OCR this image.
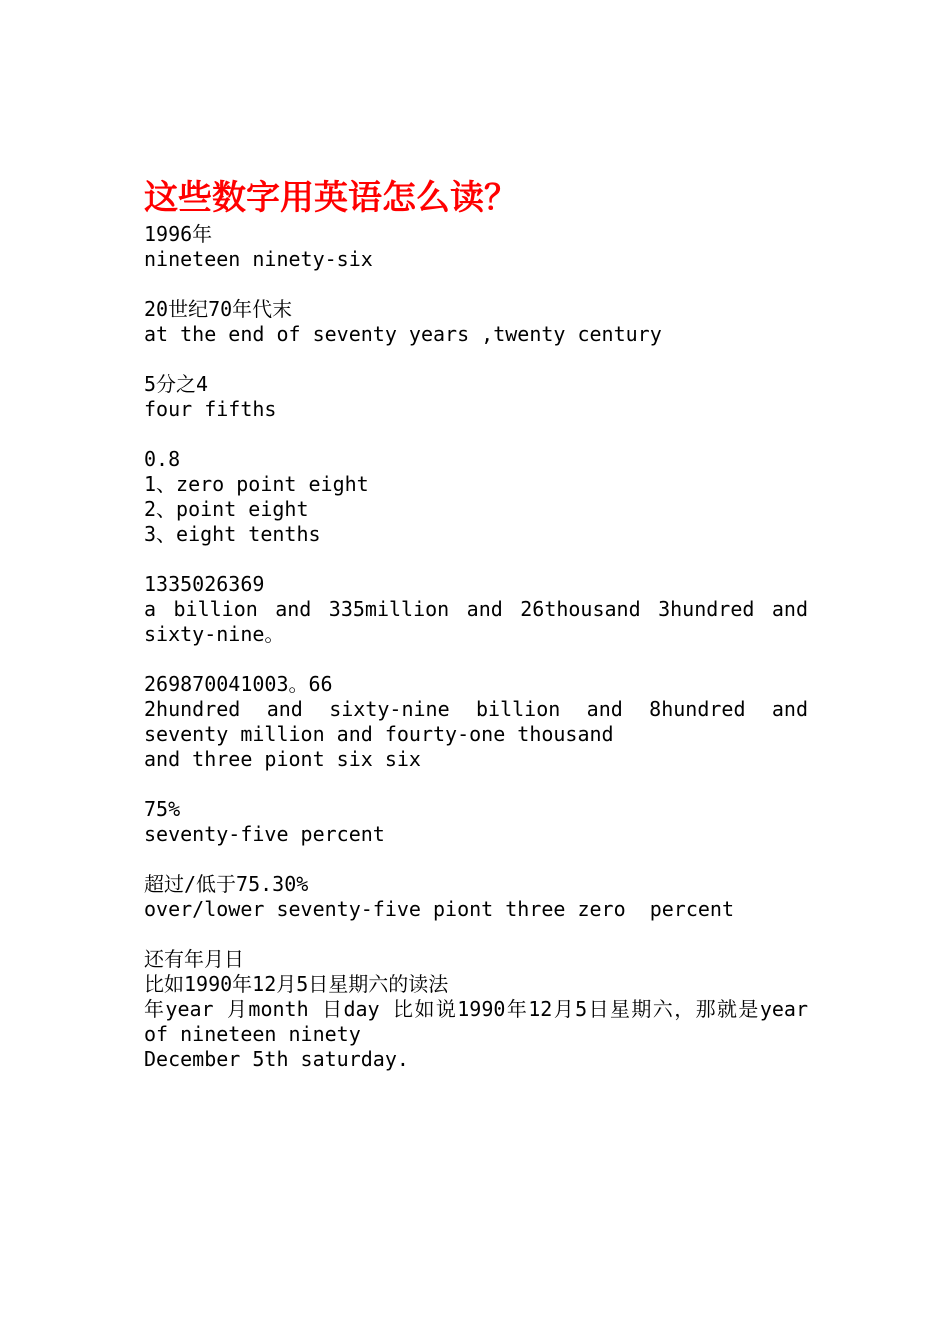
这些数字用英语怎么读？
1996年
nineteen ninety-six
20世纪70年代末
at the end of seventy years ,twenty century
5分之4
four fifths
0.8
1、zero point eight
2、point eight
3、eight tenths
1335026369
a billion and 335million and 26thousand 3hundred and sixty-nine。
269870041003。66
2hundred and sixty-nine billion and 8hundred and seventy million and fourty-one thousand
and three piont six six
75%
seventy-five percent
超过/低于75.30%
over/lower seventy-five piont three zero  percent
还有年月日
比如1990年12月5日星期六的读法
年year 月month 日day 比如说1990年12月5日星期六，那就是year of nineteen ninety
December 5th saturday.
